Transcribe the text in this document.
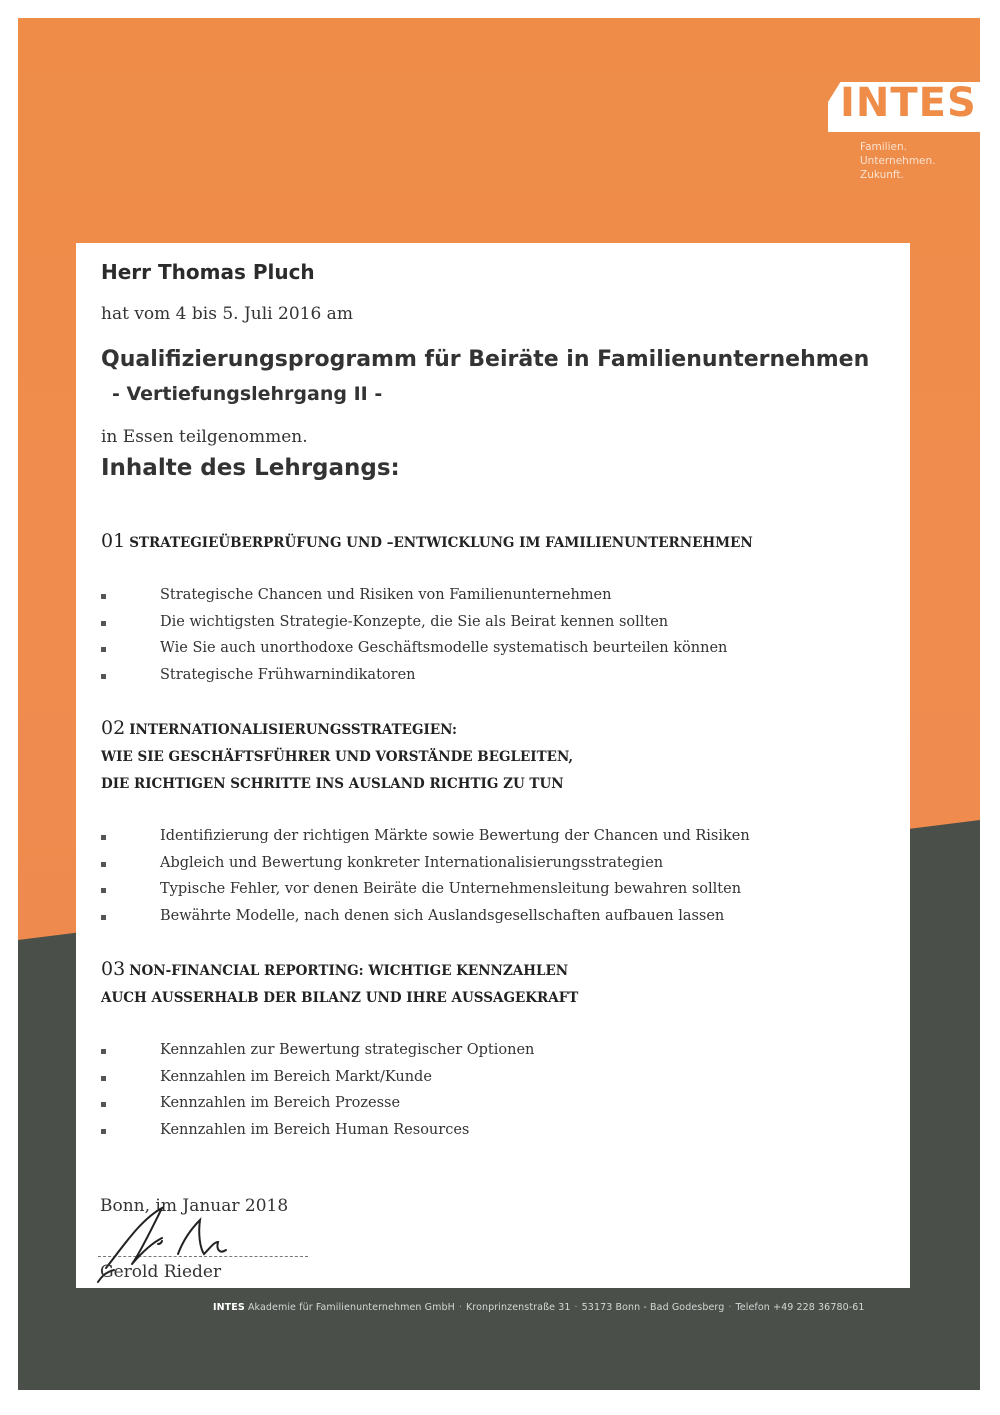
INTES
Familien.
Unternehmen.
Zukunft.
Herr Thomas Pluch
hat vom 4 bis 5. Juli 2016 am
Qualifizierungsprogramm für Beiräte in Familienunternehmen
- Vertiefungslehrgang II -
in Essen teilgenommen.
Inhalte des Lehrgangs:
01 STRATEGIEÜBERPRÜFUNG UND –ENTWICKLUNG IM FAMILIENUNTERNEHMEN
Strategische Chancen und Risiken von Familienunternehmen
Die wichtigsten Strategie-Konzepte, die Sie als Beirat kennen sollten
Wie Sie auch unorthodoxe Geschäftsmodelle systematisch beurteilen können
Strategische Frühwarnindikatoren
02 INTERNATIONALISIERUNGSSTRATEGIEN:
WIE SIE GESCHÄFTSFÜHRER UND VORSTÄNDE BEGLEITEN,
DIE RICHTIGEN SCHRITTE INS AUSLAND RICHTIG ZU TUN
Identifizierung der richtigen Märkte sowie Bewertung der Chancen und Risiken
Abgleich und Bewertung konkreter Internationalisierungsstrategien
Typische Fehler, vor denen Beiräte die Unternehmensleitung bewahren sollten
Bewährte Modelle, nach denen sich Auslandsgesellschaften aufbauen lassen
03 NON-FINANCIAL REPORTING: WICHTIGE KENNZAHLEN
AUCH AUSSERHALB DER BILANZ UND IHRE AUSSAGEKRAFT
Kennzahlen zur Bewertung strategischer Optionen
Kennzahlen im Bereich Markt/Kunde
Kennzahlen im Bereich Prozesse
Kennzahlen im Bereich Human Resources
Bonn, im Januar 2018
Gerold Rieder
INTES Akademie für Familienunternehmen GmbH · Kronprinzenstraße 31 · 53173 Bonn - Bad Godesberg · Telefon +49 228 36780-61
